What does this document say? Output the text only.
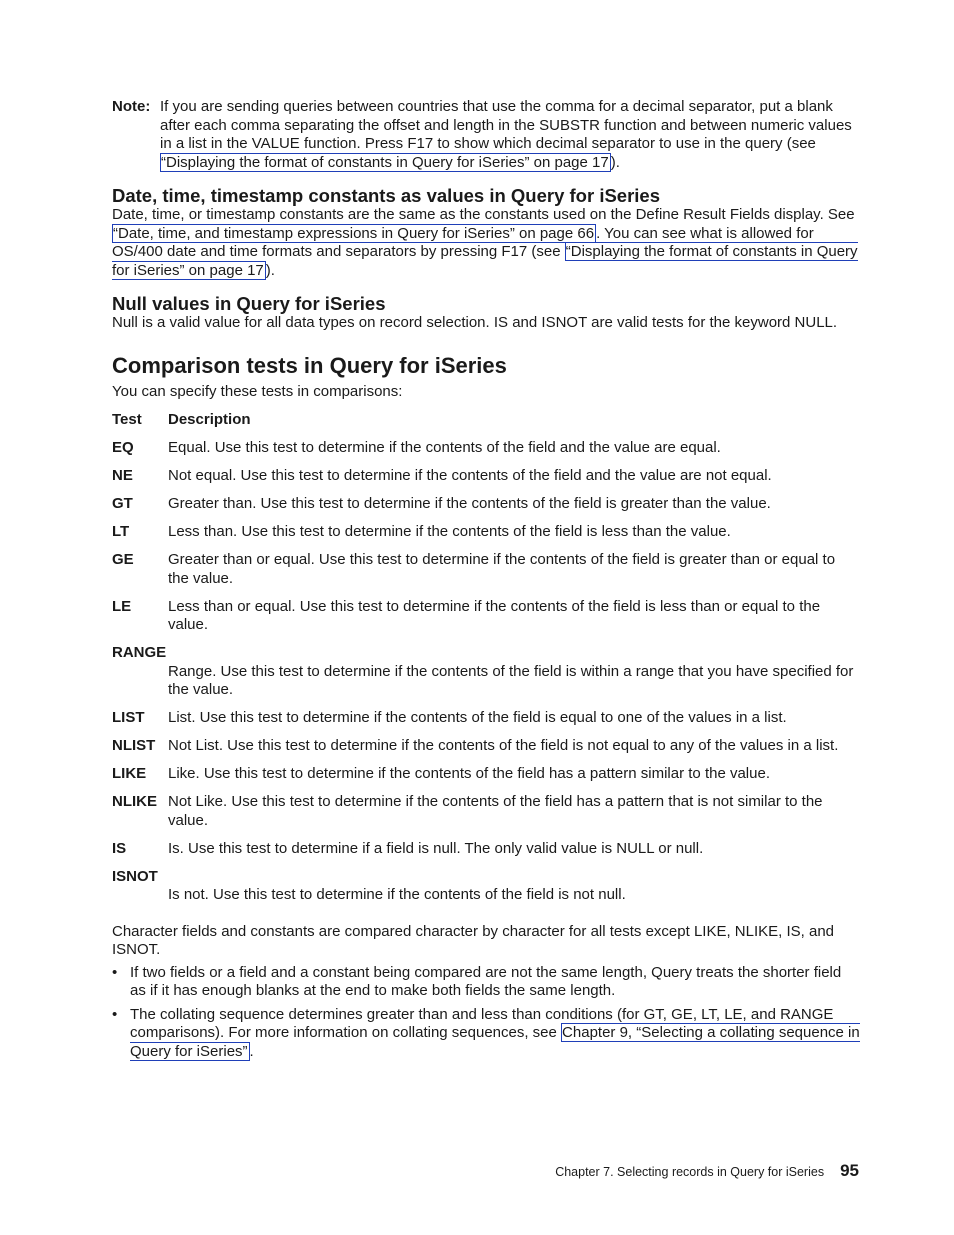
Note: If you are sending queries between countries that use the comma for a decimal separator, put a blank after each comma separating the offset and length in the SUBSTR function and between numeric values in a list in the VALUE function. Press F17 to show which decimal separator to use in the query (see “Displaying the format of constants in Query for iSeries” on page 17 ).

Date, time, timestamp constants as values in Query for iSeries

Date, time, or timestamp constants are the same as the constants used on the Define Result Fields display. See “Date, time, and timestamp expressions in Query for iSeries” on page 66 . You can see what is allowed for OS/400 date and time formats and separators by pressing F17 (see “Displaying the format of constants in Query for iSeries” on page 17 ).

Null values in Query for iSeries

Null is a valid value for all data types on record selection. IS and ISNOT are valid tests for the keyword NULL.

Comparison tests in Query for iSeries

You can specify these tests in comparisons:

Test	Description
EQ	Equal. Use this test to determine if the contents of the field and the value are equal.
NE	Not equal. Use this test to determine if the contents of the field and the value are not equal.
GT	Greater than. Use this test to determine if the contents of the field is greater than the value.
LT	Less than. Use this test to determine if the contents of the field is less than the value.
GE	Greater than or equal. Use this test to determine if the contents of the field is greater than or equal to the value.
LE	Less than or equal. Use this test to determine if the contents of the field is less than or equal to the value.
RANGE
Range. Use this test to determine if the contents of the field is within a range that you have specified for the value.
LIST	List. Use this test to determine if the contents of the field is equal to one of the values in a list.
NLIST Not List. Use this test to determine if the contents of the field is not equal to any of the values in a list.
LIKE	Like. Use this test to determine if the contents of the field has a pattern similar to the value.
NLIKE Not Like. Use this test to determine if the contents of the field has a pattern that is not similar to the value.
IS	Is. Use this test to determine if a field is null. The only valid value is NULL or null.
ISNOT
Is not. Use this test to determine if the contents of the field is not null.

Character fields and constants are compared character by character for all tests except LIKE, NLIKE, IS, and ISNOT.

• If two fields or a field and a constant being compared are not the same length, Query treats the shorter field as if it has enough blanks at the end to make both fields the same length.
• The collating sequence determines greater than and less than conditions (for GT, GE, LT, LE, and RANGE comparisons). For more information on collating sequences, see Chapter 9, “Selecting a collating sequence in Query for iSeries” .
Chapter 7. Selecting records in Query for iSeries 95
